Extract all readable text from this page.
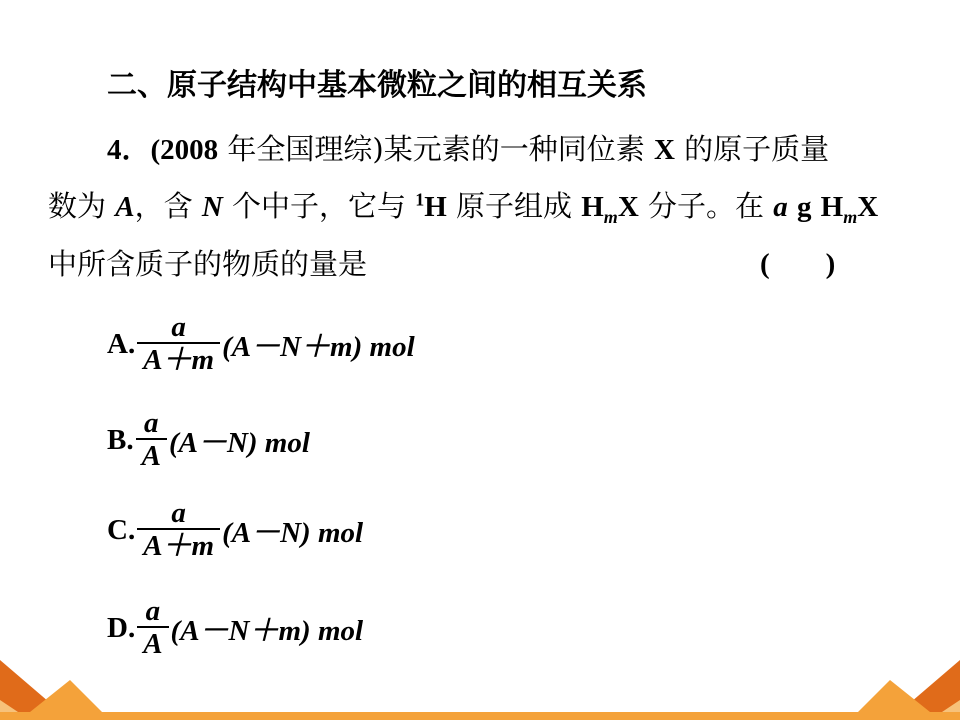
二、原子结构中基本微粒之间的相互关系
4．(2008 年全国理综)某元素的一种同位素 X 的原子质量
数为 A，含 N 个中子，它与 $^1$H 原子组成 $H_mX$ 分子。在 a g $H_mX$
中所含质子的物质的量是	( )
A. $\frac{a}{A+m} (A-N+m)$ mol
B. $\frac{a}{A} (A-N)$ mol
C. $\frac{a}{A+m} (A-N)$ mol
D. $\frac{a}{A} (A-N+m)$ mol
